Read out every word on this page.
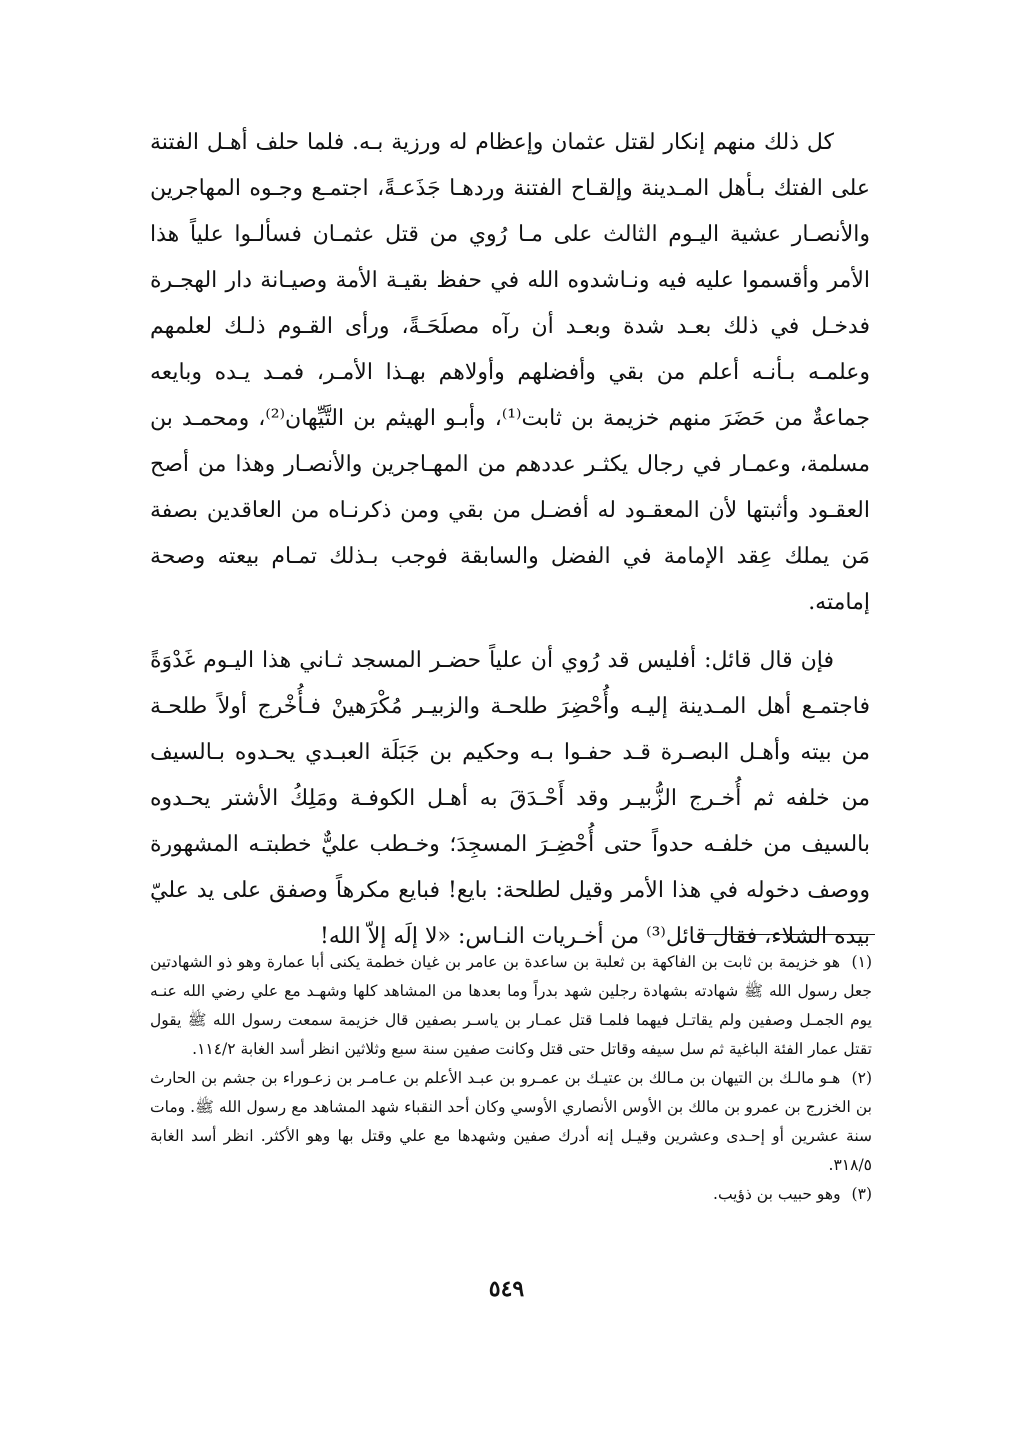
كل ذلك منهم إنكار لقتل عثمان وإعظام له ورزية بـه. فلما حلف أهـل الفتنة على الفتك بـأهل المـدينة وإلقـاح الفتنة وردهـا جَذَعـةً، اجتمـع وجـوه المهاجرين والأنصـار عشية اليـوم الثالث على مـا رُوي من قتل عثمـان فسألـوا علياً هذا الأمر وأقسموا عليه فيه ونـاشدوه الله في حفظ بقيـة الأمة وصيـانة دار الهجـرة فدخـل في ذلك بعـد شدة وبعـد أن رآه مصلَحَـةً، ورأى القـوم ذلـك لعلمهم وعلمـه بـأنـه أعلم من بقي وأفضلهم وأولاهم بهـذا الأمـر، فمـد يـده وبايعه جماعةٌ من حَضَرَ منهم خزيمة بن ثابت⁽¹⁾، وأبـو الهيثم بن التَّيِّهان⁽²⁾، ومحمـد بن مسلمة، وعمـار في رجال يكثـر عددهم من المهـاجرين والأنصـار وهذا من أصح العقـود وأثبتها لأن المعقـود له أفضـل من بقي ومن ذكرنـاه من العاقدين بصفة مَن يملك عِقد الإمامة في الفضل والسابقة فوجب بـذلك تمـام بيعته وصحة إمامته.

فإن قال قائل: أفليس قد رُوي أن علياً حضـر المسجد ثـاني هذا اليـوم غَدْوَةً فاجتمـع أهل المـدينة إليـه وأُحْضِرَ طلحـة والزبيـر مُكْرَهينْ فـأُخْرج أولاً طلحـة من بيته وأهـل البصـرة قـد حفـوا بـه وحكيم بن جَبَلَة العبـدي يحـدوه بـالسيف من خلفه ثم أُخـرج الزُّبيـر وقد أَحْـدَقَ به أهـل الكوفـة ومَلِكُ الأشتر يحـدوه بالسيف من خلفـه حدواً حتى أُحْضِـرَ المسجِدَ؛ وخـطب عليٌّ خطبتـه المشهورة ووصف دخوله في هذا الأمر وقيل لطلحة: بايع! فبايع مكرهاً وصفق على يد عليّ بيده الشلاء، فقال قائل⁽³⁾ من أخـريات النـاس: «لا إلَه إلاّ الله!

(١) هو خزيمة بن ثابت بن الفاكهة بن ثعلبة بن ساعدة بن عامر بن غيان خطمة يكنى أبا عمارة وهو ذو الشهادتين جعل رسول الله ﷺ شهادته بشهادة رجلين شهد بدراً وما بعدها من المشاهد كلها وشهـد مع علي رضي الله عنـه يوم الجمـل وصفين ولم يقاتـل فيهما فلمـا قتل عمـار بن ياسـر بصفين قال خزيمة سمعت رسول الله ﷺ يقول تقتل عمار الفئة الباغية ثم سل سيفه وقاتل حتى قتل وكانت صفين سنة سبع وثلاثين انظر أسد الغابة ١١٤/٢.

(٢) هـو مالـك بن التيهان بن مـالك بن عتيـك بن عمـرو بن عبـد الأعلم بن عـامـر بن زعـوراء بن جشم بن الحارث بن الخزرج بن عمرو بن مالك بن الأوس الأنصاري الأوسي وكان أحد النقباء شهد المشاهد مع رسول الله ﷺ. ومات سنة عشرين أو إحـدى وعشرين وقيـل إنه أدرك صفين وشهدها مع علي وقتل بها وهو الأكثر. انظر أسد الغابة ٣١٨/٥.

(٣) وهو حبيب بن ذؤيب.

٥٤٩
